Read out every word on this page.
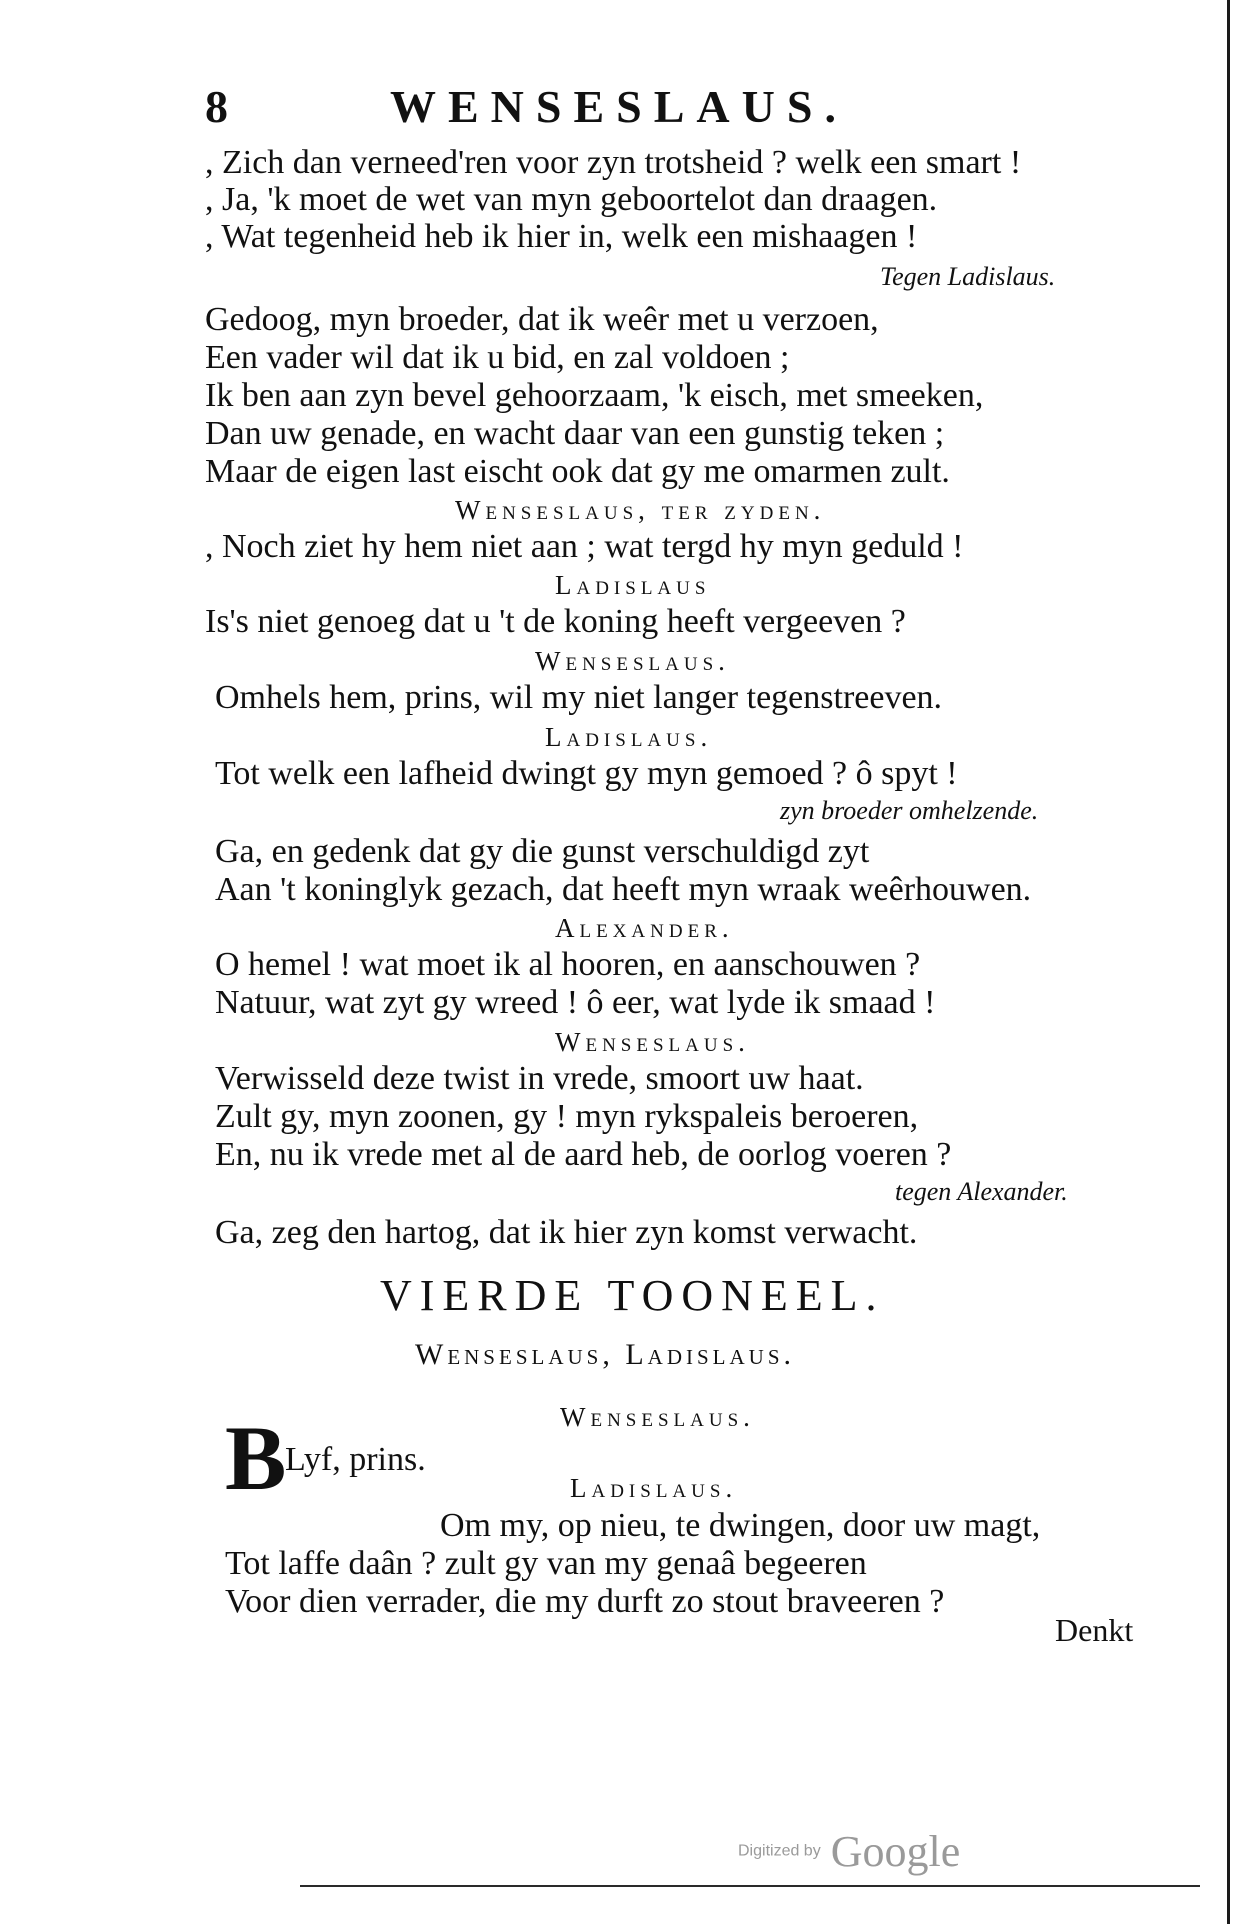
8	WENSESLAUS.
, Zich dan verneed'ren voor zyn trotsheid ? welk een smart !
, Ja, 'k moet de wet van myn geboortelot dan draagen.
, Wat tegenheid heb ik hier in, welk een mishaagen !
Tegen Ladislaus.
Gedoog, myn broeder, dat ik weêr met u verzoen,
Een vader wil dat ik u bid, en zal voldoen ;
Ik ben aan zyn bevel gehoorzaam, 'k eisch, met smeeken,
Dan uw genade, en wacht daar van een gunstig teken ;
Maar de eigen last eischt ook dat gy me omarmen zult.
Wenseslaus, ter zyden.
, Noch ziet hy hem niet aan ; wat tergd hy myn geduld !
Ladislaus
Is's niet genoeg dat u 't de koning heeft vergeeven ?
Wenseslaus.
Omhels hem, prins, wil my niet langer tegenstreeven.
Ladislaus.
Tot welk een lafheid dwingt gy myn gemoed ? ô spyt !
zyn broeder omhelzende.
Ga, en gedenk dat gy die gunst verschuldigd zyt
Aan 't koninglyk gezach, dat heeft myn wraak weêrhouwen.
Alexander.
O hemel ! wat moet ik al hooren, en aanschouwen ?
Natuur, wat zyt gy wreed ! ô eer, wat lyde ik smaad !
Wenseslaus.
Verwisseld deze twist in vrede, smoort uw haat.
Zult gy, myn zoonen, gy ! myn rykspaleis beroeren,
En, nu ik vrede met al de aard heb, de oorlog voeren ?
tegen Alexander.
Ga, zeg den hartog, dat ik hier zyn komst verwacht.
VIERDE TOONEEL.
Wenseslaus, Ladislaus.
Wenseslaus.
B
Lyf, prins.
Ladislaus.
Om my, op nieu, te dwingen, door uw magt,
Tot laffe daân ? zult gy van my genaâ begeeren
Voor dien verrader, die my durft zo stout braveeren ?
Denkt
Digitized by Google
